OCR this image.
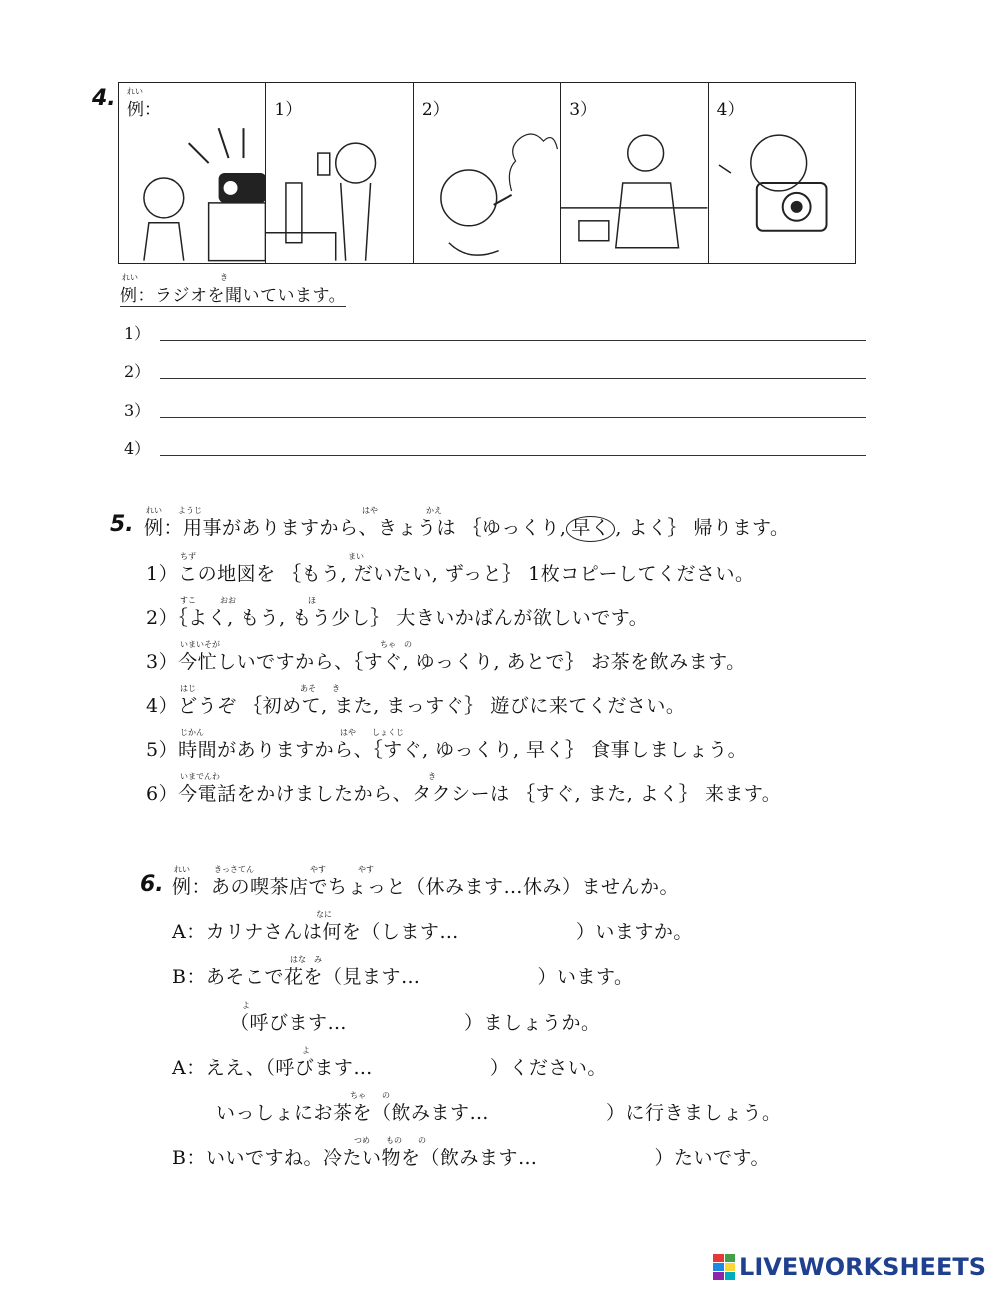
4. れい
例：	1）	2）	3）	4）
れい	き
例：ラジオを聞いています。
1）
2）
3）
4）
5.
れい　　ようじ　　　　　　　　　　　　　　　　　　　　はや　　　　　　かえ
例：用事がありますから、きょうは ｛ゆっくり, 早く , よく｝ 帰ります。
ちず　　　　　　　　　　　　　　　　　　　まい
1）この地図を ｛もう, だいたい, ずっと｝ 1枚コピーしてください。
すこ　　　おお　　　　　　　　　ほ
2）｛よく, もう, もう少し｝ 大きいかばんが欲しいです。
いまいそが　　　　　　　　　　　　　　　　　　　　ちゃ　の
3）今忙しいですから、｛すぐ, ゆっくり, あとで｝ お茶を飲みます。
はじ　　　　　　　　　　　　　あそ　　き
4）どうぞ ｛初めて, また, まっすぐ｝ 遊びに来てください。
じかん　　　　　　　　　　　　　　　　　はや　　しょくじ
5）時間がありますから、｛すぐ, ゆっくり, 早く｝ 食事しましょう。
いまでんわ　　　　　　　　　　　　　　　　　　　　　　　　　　き
6）今電話をかけましたから、タクシーは ｛すぐ, また, よく｝ 来ます。
6.
れい　　　きっさてん　　　　　　　やす　　　　やす
例：あの喫茶店でちょっと（休みます…休み）ませんか。
なに
A：カリナさんは何を（します…　　　　　　）いますか。
はな　み
B：あそこで花を（見ます…　　　　　　）います。
よ
（呼びます…　　　　　　）ましょうか。
よ
A：ええ、（呼びます…　　　　　　）ください。
ちゃ　　の
いっしょにお茶を（飲みます…　　　　　　）に行きましょう。
つめ　　もの　　の
B：いいですね。冷たい物を（飲みます…　　　　　　）たいです。
LIVEWORKSHEETS
